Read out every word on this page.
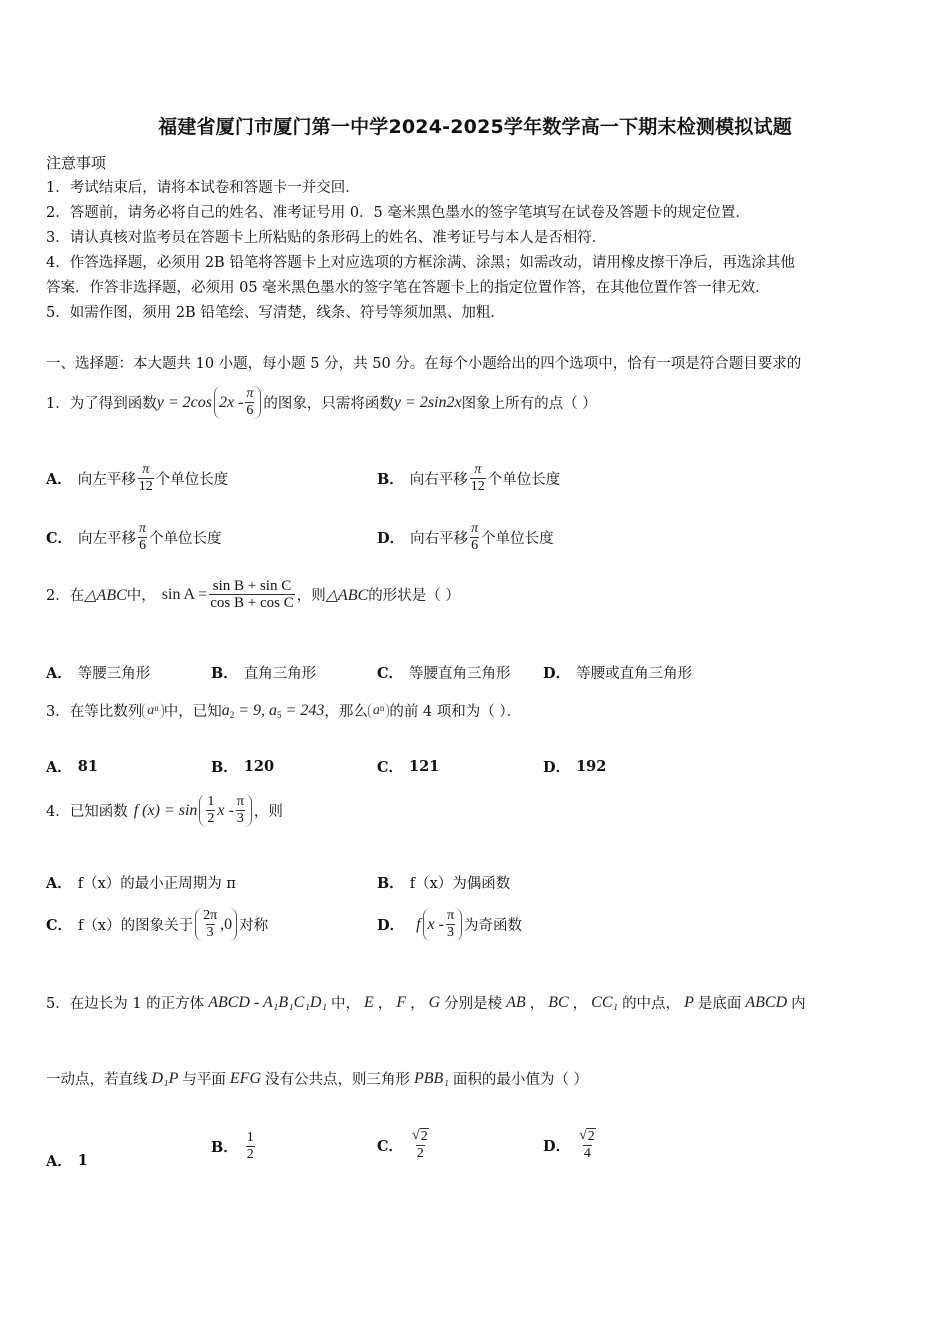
福建省厦门市厦门第一中学2024-2025学年数学高一下期末检测模拟试题
注意事项
1．考试结束后，请将本试卷和答题卡一并交回．
2．答题前，请务必将自己的姓名、准考证号用 0．5 毫米黑色墨水的签字笔填写在试卷及答题卡的规定位置．
3．请认真核对监考员在答题卡上所粘贴的条形码上的姓名、准考证号与本人是否相符．
4．作答选择题，必须用 2B 铅笔将答题卡上对应选项的方框涂满、涂黑；如需改动，请用橡皮擦干净后，再选涂其他
答案．作答非选择题，必须用 05 毫米黑色墨水的签字笔在答题卡上的指定位置作答，在其他位置作答一律无效．
5．如需作图，须用 2B 铅笔绘、写清楚，线条、符号等须加黑、加粗．
一、选择题：本大题共 10 小题，每小题 5 分，共 50 分。在每个小题给出的四个选项中，恰有一项是符合题目要求的
1． 为了得到函数 y = 2cos $2x - \frac{\pi}{6}$ 的图象，只需将函数 y = 2sin2x 图象上所有的点（ ）
A． 向左平移 $\frac{\pi}{12}$ 个单位长度	B． 向右平移 $\frac{\pi}{12}$ 个单位长度
C． 向左平移 $\frac{\pi}{6}$ 个单位长度	D． 向右平移 $\frac{\pi}{6}$ 个单位长度
2． 在 △ABC 中， $\sin A = \frac{\text{sin B + sin C}}{\text{cos B + cos C}}$ ，则 △ABC 的形状是（ ）
A． 等腰三角形	B． 直角三角形	C． 等腰直角三角形 D． 等腰或直角三角形
3． 在等比数列 a n 中，已知 $a_2 = 9$, $a_5 = 243$ ，那么 a n 的前 4 项和为（ ）．
A． 81	B． 120	C． 121	D． 192
4． 已知函数 f $(x) = \sin \frac{1}{2}$ x - $\frac{\pi}{3}$ ，则
A． f（x）的最小正周期为 π	B． f（x）为偶函数
C． f（x）的图象关于 $\frac{2\pi}{3} ,0$ 对称	D． f x - $\frac{\pi}{3}$ 为奇函数
5． 在边长为 1 的正方体 ABCD - A₁B₁C₁D₁ 中， E ， F ， G 分别是棱 AB ， BC ， CC₁ 的中点， P 是底面 ABCD 内
一动点，若直线 D₁P 与平面 EFG 没有公共点，则三角形 PBB₁ 面积的最小值为（ ）
A． 1
B． $\frac{1}{2}$	C．
√ 2
2	D．
√ 2
4
